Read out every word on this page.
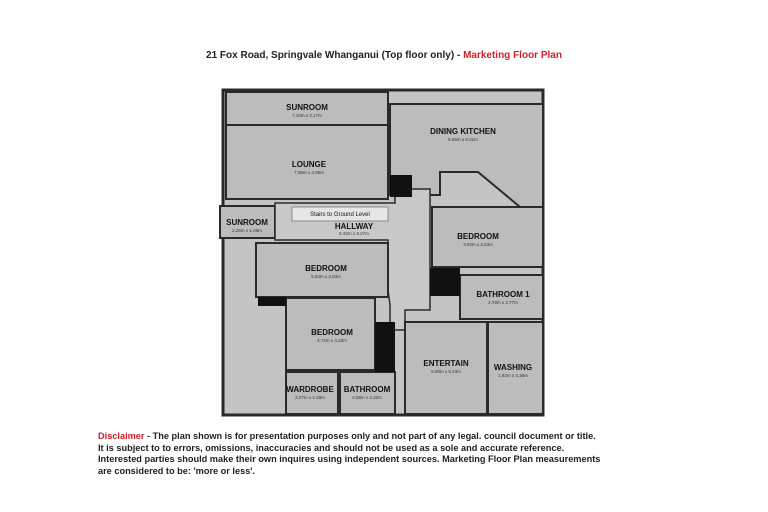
21 Fox Road, Springvale Whanganui (Top floor only) - Marketing Floor Plan
Stairs to Ground Level
SUNROOM
7.10m x 2.17m
LOUNGE
7.08m x 4.06m
DINING KITCHEN
6.56m x 6.01m
SUNROOM
2.28m x 1.08m	HALLWAY
8.33m x 8.27m	BEDROOM
3.92m x 3.63m
BEDROOM
5.04m x 3.04m
BATHROOM 1
2.78m x 2.77m
BEDROOM
4.72m x 4.20m
ENTERTAIN
5.08m x 5.43m	WASHING
1.92m x 4.36m
WARDROBE
2.27m x 2.48m
BATHROOM
2.08m x 2.32m
Disclaimer - The plan shown is for presentation purposes only and not part of any legal. council document or title.
It is subject to to errors, omissions, inaccuracies and should not be used as a sole and accurate reference.
Interested parties should make their own inquires using independent sources. Marketing Floor Plan measurements
are considered to be: 'more or less'.
